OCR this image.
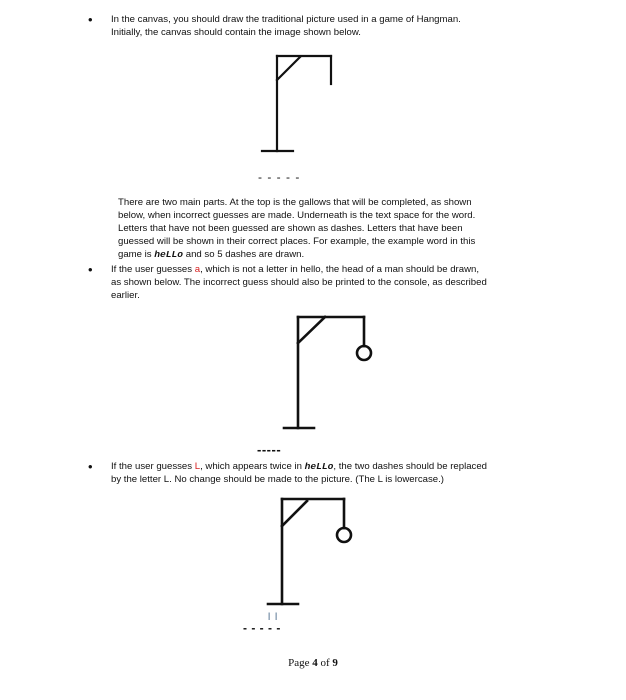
• In the canvas, you should draw the traditional picture used in a game of Hangman.

Initially, the canvas should contain the image shown below.

- - - - -

There are two main parts. At the top is the gallows that will be completed, as shown

below, when incorrect guesses are made. Underneath is the text space for the word.

Letters that have not been guessed are shown as dashes. Letters that have been

guessed will be shown in their correct places. For example, the example word in this

game is heLLo and so 5 dashes are drawn.

• If the user guesses a, which is not a letter in hello, the head of a man should be drawn,

as shown below. The incorrect guess should also be printed to the console, as described

earlier.

-----
• If the user guesses L, which appears twice in heLLo, the two dashes should be replaced

by the letter L. No change should be made to the picture. (The L is lowercase.)

l l
- - - - -
Page 4 of 9
